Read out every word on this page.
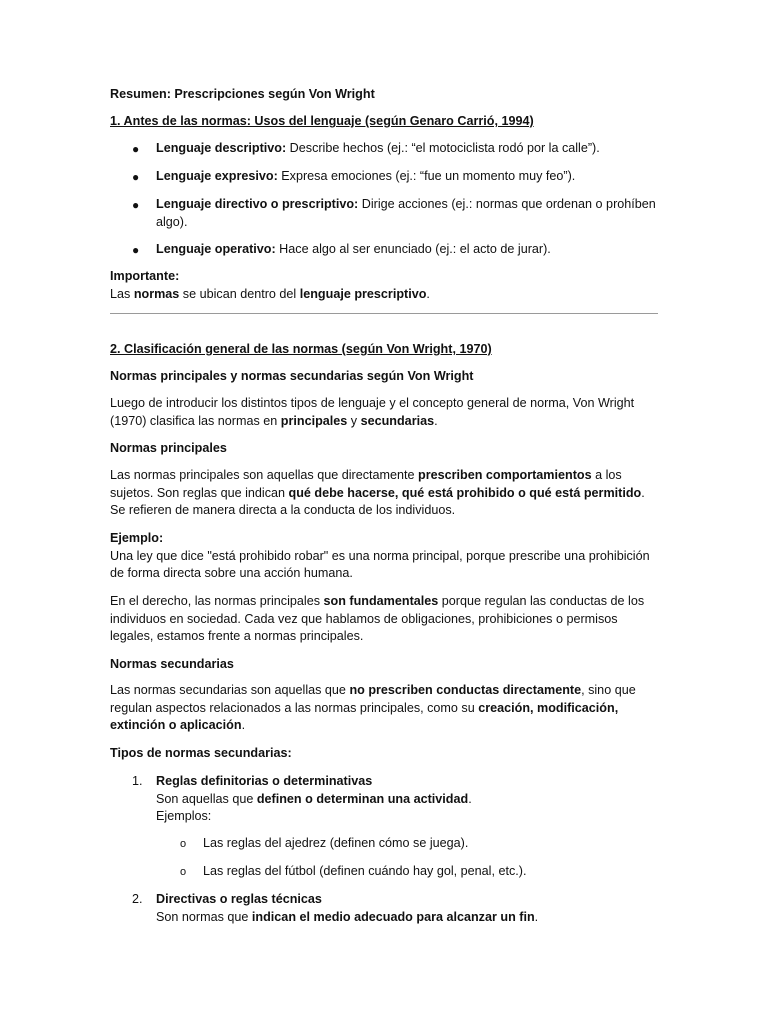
Resumen: Prescripciones según Von Wright

1. Antes de las normas: Usos del lenguaje (según Genaro Carrió, 1994)

● Lenguaje descriptivo: Describe hechos (ej.: “el motociclista rodó por la calle”).

● Lenguaje expresivo: Expresa emociones (ej.: “fue un momento muy feo”).

● Lenguaje directivo o prescriptivo: Dirige acciones (ej.: normas que ordenan o prohíben algo).

● Lenguaje operativo: Hace algo al ser enunciado (ej.: el acto de jurar).

Importante:
Las normas se ubican dentro del lenguaje prescriptivo.

2. Clasificación general de las normas (según Von Wright, 1970)

Normas principales y normas secundarias según Von Wright

Luego de introducir los distintos tipos de lenguaje y el concepto general de norma, Von Wright (1970) clasifica las normas en principales y secundarias.

Normas principales

Las normas principales son aquellas que directamente prescriben comportamientos a los sujetos. Son reglas que indican qué debe hacerse, qué está prohibido o qué está permitido. Se refieren de manera directa a la conducta de los individuos.

Ejemplo:
Una ley que dice "está prohibido robar" es una norma principal, porque prescribe una prohibición de forma directa sobre una acción humana.

En el derecho, las normas principales son fundamentales porque regulan las conductas de los individuos en sociedad. Cada vez que hablamos de obligaciones, prohibiciones o permisos legales, estamos frente a normas principales.

Normas secundarias

Las normas secundarias son aquellas que no prescriben conductas directamente, sino que regulan aspectos relacionados a las normas principales, como su creación, modificación, extinción o aplicación.

Tipos de normas secundarias:

1. Reglas definitorias o determinativas
Son aquellas que definen o determinan una actividad.
Ejemplos:

o Las reglas del ajedrez (definen cómo se juega).

o Las reglas del fútbol (definen cuándo hay gol, penal, etc.).

2. Directivas o reglas técnicas
Son normas que indican el medio adecuado para alcanzar un fin.
